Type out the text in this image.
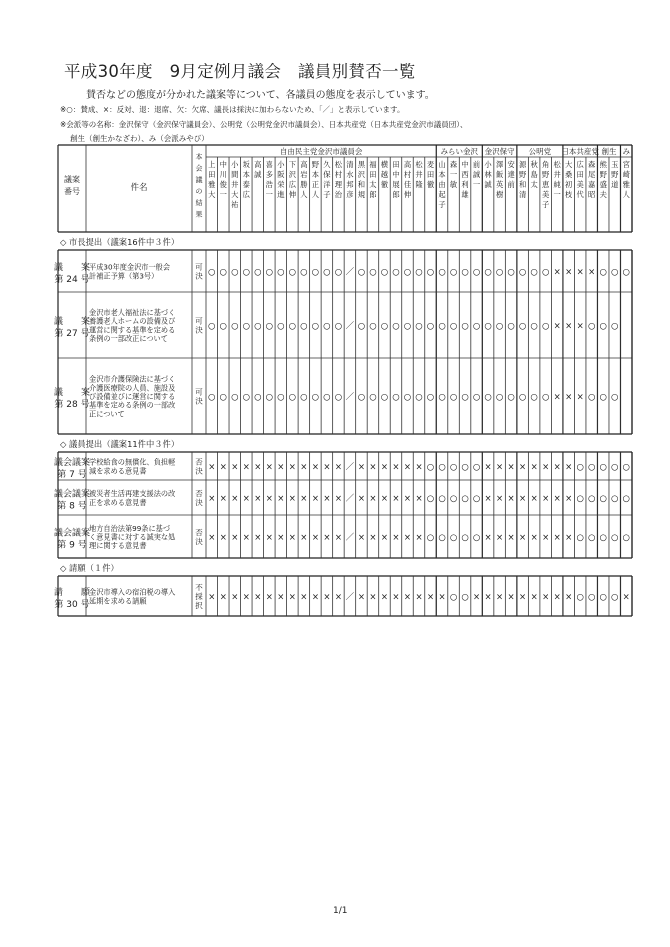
平成30年度　9月定例月議会　議員別賛否一覧
賛否などの態度が分かれた議案等について、各議員の態度を表示しています。
※○：賛成、×：反対、退：退席、欠：欠席、議長は採決に加わらないため、「／」と表示しています。
※会派等の名称：金沢保守（金沢保守議員会）、公明党（公明党金沢市議員会）、日本共産党（日本共産党金沢市議員団）、
創生（創生かなざわ）、み（会派みやび）
議案
番号	件名
本
会
議
の
結
果
自由民主党金沢市議員会	みらい金沢 金沢保守 公明党 日本共産党 創生 み
上
田
雅
大
中
川
俊
一
小
間
井
大
祐
坂
本
泰
広
高
誠
喜
多
浩
一
小
阪
栄
進
下
沢
広
伸
高
岩
勝
人
野
本
正
人
久
保
洋
子
松
村
理
治
清
水
邦
彦
黒
沢
和
規
福
田
太
郎
横
越
徹
田
中
展
郎
高
村
佳
伸
松
井
隆
麦
田
徹
山
本
由
起
子
森
一
敏
中
西
利
雄
前
誠
一
小
林
誠
澤
飯
英
樹
安
達
前
源
野
和
清
秋
島
太
角
野
恵
美
子
松
井
純
一
大
桑
初
枝
広
田
美
代
森
尾
嘉
昭
熊
野
盛
夫
玉
野
道
宮
崎
雅
人
◇ 市長提出（議案16件中３件）
議　　案
第 24 号
平成30年度金沢市一般会
計補正予算（第3号）
可
決 ○ ○ ○ ○ ○ ○ ○ ○ ○ ○ ○ ○ ／ ○ ○ ○ ○ ○ ○ ○ ○ ○ ○ ○ ○ ○ ○ ○ ○ ○ × × × × ○ ○ ○
議　　案
第 27 号
金沢市老人福祉法に基づく
養護老人ホームの設備及び
運営に関する基準を定める
条例の一部改正について
可
決 ○ ○ ○ ○ ○ ○ ○ ○ ○ ○ ○ ○ ／ ○ ○ ○ ○ ○ ○ ○ ○ ○ ○ ○ ○ ○ ○ ○ ○ ○ × × × ○ ○ ○
議　　案
第 28 号
金沢市介護保険法に基づく
介護医療院の人員、施設及
び設備並びに運営に関する
基準を定める条例の一部改
正について
可
決 ○ ○ ○ ○ ○ ○ ○ ○ ○ ○ ○ ○ ／ ○ ○ ○ ○ ○ ○ ○ ○ ○ ○ ○ ○ ○ ○ ○ ○ ○ × × × ○ ○ ○
◇ 議員提出（議案11件中３件）
議会議案
第 7 号
学校給食の無償化、負担軽
減を求める意見書
否
決 × × × × × × × × × × × × ／ × × × × × × ○ ○ ○ ○ ○ × × × × × × × × ○ ○ ○ ○ ○
議会議案
第 8 号
被災者生活再建支援法の改
正を求める意見書
否
決 × × × × × × × × × × × × ／ × × × × × × ○ ○ ○ ○ ○ × × × × × × × × ○ ○ ○ ○ ○
議会議案
第 9 号
地方自治法第99条に基づ
く意見書に対する誠実な処
理に関する意見書
否
決 × × × × × × × × × × × × ／ × × × × × × ○ ○ ○ ○ ○ × × × × × × × × ○ ○ ○ ○ ○
◇ 請願（１件）
請　　願
第 30 号
金沢市導入の宿泊税の導入
延期を求める請願
不
採
択
× × × × × × × × × × × × ／ × × × × × × × × ○ ○ × × × × × × × × × ○ ○ ○ ○ ×
1/1
